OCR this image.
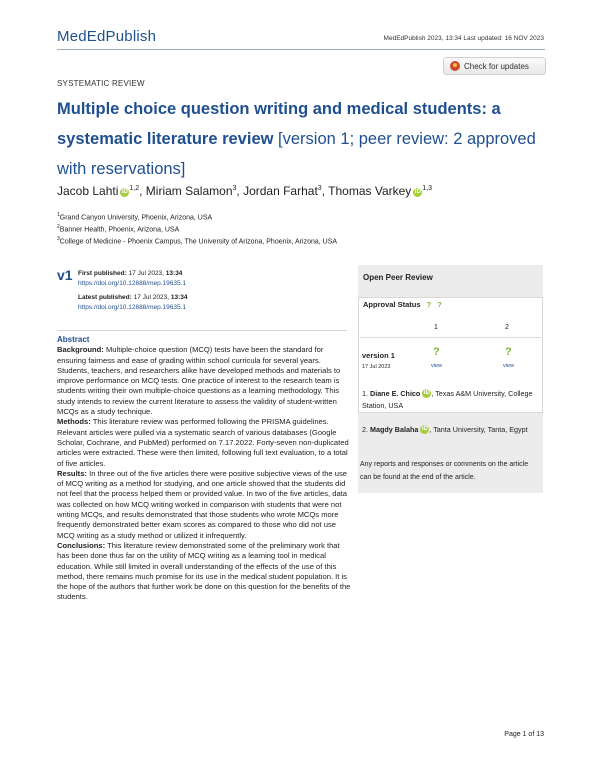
MedEdPublish	MedEdPublish 2023, 13:34 Last updated: 16 NOV 2023
SYSTEMATIC REVIEW
Check for updates
Multiple choice question writing and medical students: a systematic literature review [version 1; peer review: 2 approved with reservations]
Jacob Lahti iD $^{1,2}$, Miriam Salamon$^3$, Jordan Farhat$^3$, Thomas Varkey iD $^{1,3}$
$^1$Grand Canyon University, Phoenix, Arizona, USA
$^2$Banner Health, Phoenix, Arizona, USA
$^3$College of Medicine - Phoenix Campus, The University of Arizona, Phoenix, Arizona, USA
v1 First published: 17 Jul 2023, 13:34
https://doi.org/10.12688/mep.19635.1
Latest published: 17 Jul 2023, 13:34
https://doi.org/10.12688/mep.19635.1

Abstract

Background: Multiple-choice question (MCQ) tests have been the standard for ensuring fairness and ease of grading within school curricula for several years. Students, teachers, and researchers alike have developed methods and materials to improve performance on MCQ tests. One practice of interest to the research team is students writing their own multiple-choice questions as a learning methodology. This study intends to review the current literature to assess the validity of student-written MCQs as a study technique.

Methods: This literature review was performed following the PRISMA guidelines. Relevant articles were pulled via a systematic search of various databases (Google Scholar, Cochrane, and PubMed) performed on 7.17.2022. Forty-seven non-duplicated articles were extracted. These were then limited, following full text evaluation, to a total of five articles.

Results: In three out of the five articles there were positive subjective views of the use of MCQ writing as a method for studying, and one article showed that the students did not feel that the process helped them or provided value. In two of the five articles, data was collected on how MCQ writing worked in comparison with students that were not writing MCQs, and results demonstrated that those students who wrote MCQs more frequently demonstrated better exam scores as compared to those who did not use MCQ writing as a study method or utilized it infrequently.

Conclusions: This literature review demonstrated some of the preliminary work that has been done thus far on the utility of MCQ writing as a learning tool in medical education. While still limited in overall understanding of the effects of the use of this method, there remains much promise for its use in the medical student population. It is the hope of the authors that further work be done on this question for the benefits of the students.

Open Peer Review
Approval Status ? ?
1	2
version 1
17 Jul 2023
?
view
?
view
1. Diane E. Chico iD , Texas A&M University, College Station, USA
2. Magdy Balaha iD , Tanta University, Tanta, Egypt
Any reports and responses or comments on the article can be found at the end of the article.
Page 1 of 13
